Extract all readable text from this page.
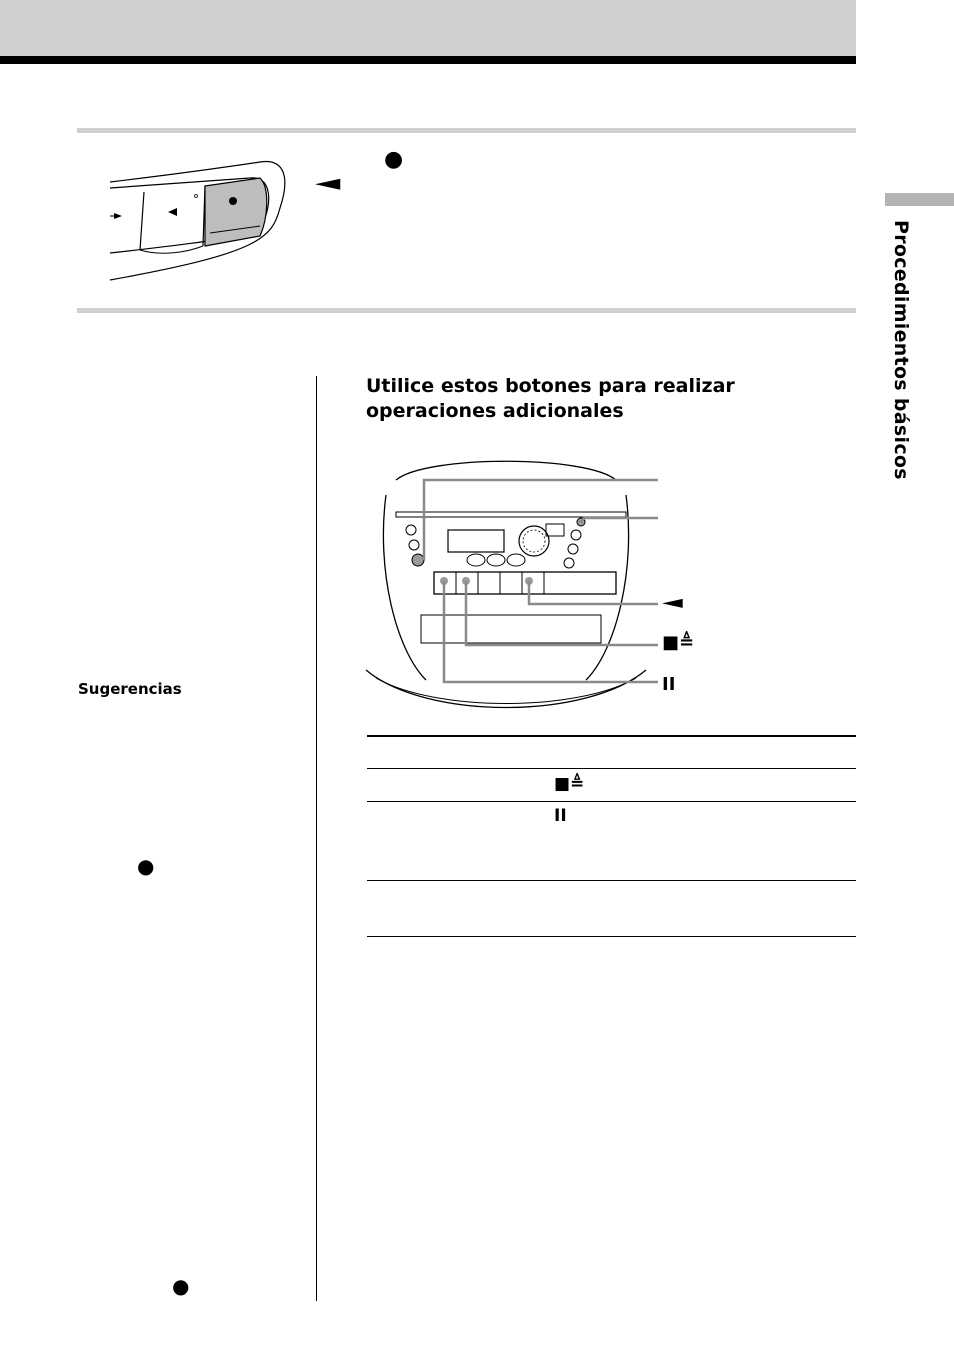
Procedimientos básicos
●
◄
Utilice estos botones para realizar
operaciones adicionales
◄
■≜
II
■≜
II
Sugerencias
●
●
